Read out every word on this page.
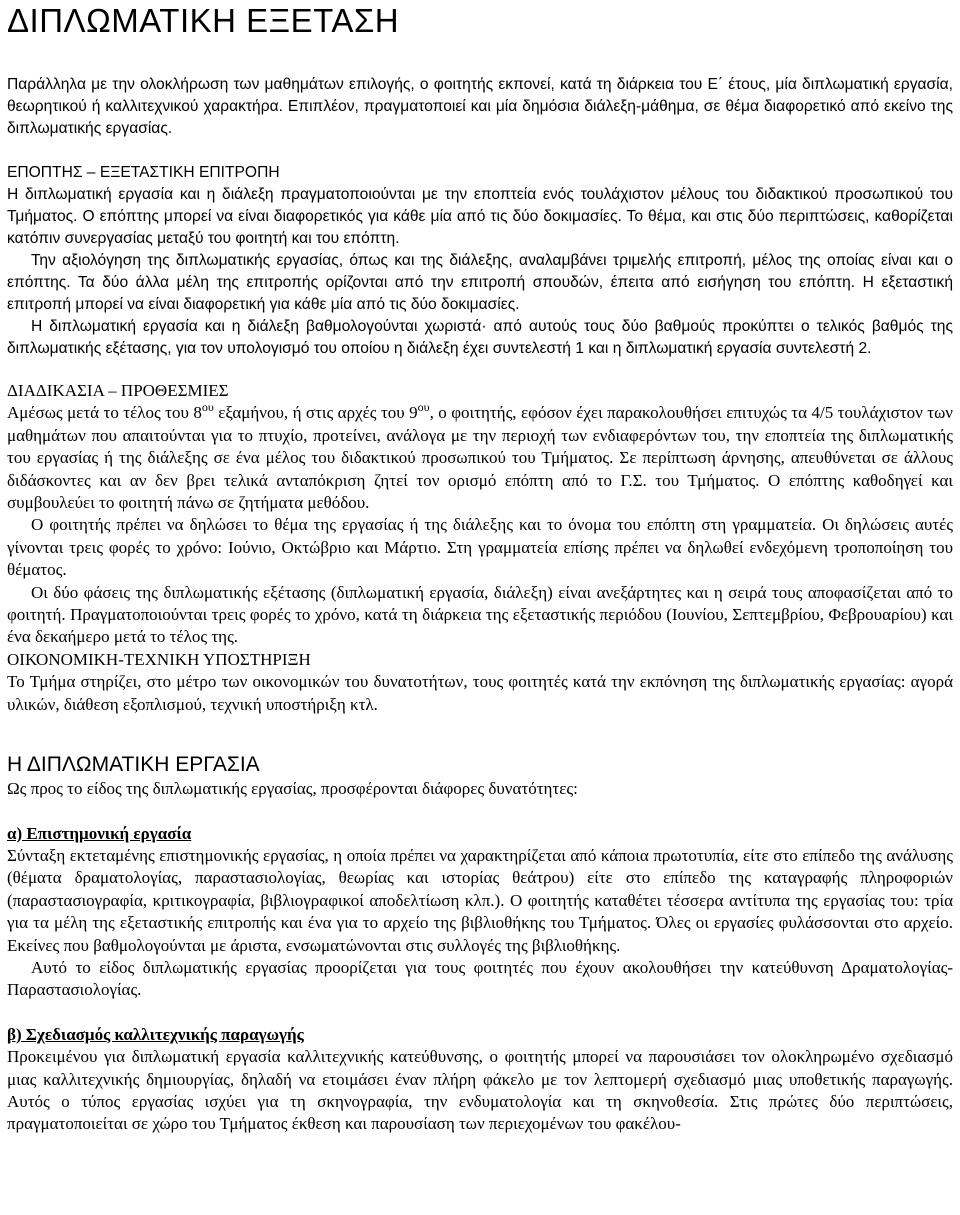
ΔΙΠΛΩΜΑΤΙΚΗ ΕΞΕΤΑΣΗ

Παράλληλα με την ολοκλήρωση των μαθημάτων επιλογής, ο φοιτητής εκπονεί, κατά τη διάρκεια του Ε΄ έτους, μία διπλωματική εργασία, θεωρητικού ή καλλιτεχνικού χαρακτήρα. Επιπλέον, πραγματοποιεί και μία δημόσια διάλεξη-μάθημα, σε θέμα διαφορετικό από εκείνο της διπλωματικής εργασίας.

ΕΠΟΠΤΗΣ – ΕΞΕΤΑΣΤΙΚΗ ΕΠΙΤΡΟΠΗ

Η διπλωματική εργασία και η διάλεξη πραγματοποιούνται με την εποπτεία ενός τουλάχιστον μέλους του διδακτικού προσωπικού του Τμήματος. Ο επόπτης μπορεί να είναι διαφορετικός για κάθε μία από τις δύο δοκιμασίες. Το θέμα, και στις δύο περιπτώσεις, καθορίζεται κατόπιν συνεργασίας μεταξύ του φοιτητή και του επόπτη.

Την αξιολόγηση της διπλωματικής εργασίας, όπως και της διάλεξης, αναλαμβάνει τριμελής επιτροπή, μέλος της οποίας είναι και ο επόπτης. Τα δύο άλλα μέλη της επιτροπής ορίζονται από την επιτροπή σπουδών, έπειτα από εισήγηση του επόπτη. Η εξεταστική επιτροπή μπορεί να είναι διαφορετική για κάθε μία από τις δύο δοκιμασίες.

Η διπλωματική εργασία και η διάλεξη βαθμολογούνται χωριστά· από αυτούς τους δύο βαθμούς προκύπτει ο τελικός βαθμός της διπλωματικής εξέτασης, για τον υπολογισμό του οποίου η διάλεξη έχει συντελεστή 1 και η διπλωματική εργασία συντελεστή 2.

ΔΙΑΔΙΚΑΣΙΑ – ΠΡΟΘΕΣΜΙΕΣ

Αμέσως μετά το τέλος του $8^{o\upsilon}$ εξαμήνου, ή στις αρχές του $9^{o\upsilon}$, ο φοιτητής, εφόσον έχει παρακολουθήσει επιτυχώς τα 4/5 τουλάχιστον των μαθημάτων που απαιτούνται για το πτυχίο, προτείνει, ανάλογα με την περιοχή των ενδιαφερόντων του, την εποπτεία της διπλωματικής του εργασίας ή της διάλεξης σε ένα μέλος του διδακτικού προσωπικού του Τμήματος. Σε περίπτωση άρνησης, απευθύνεται σε άλλους διδάσκοντες και αν δεν βρει τελικά ανταπόκριση ζητεί τον ορισμό επόπτη από το Γ.Σ. του Τμήματος. Ο επόπτης καθοδηγεί και συμβουλεύει το φοιτητή πάνω σε ζητήματα μεθόδου.

Ο φοιτητής πρέπει να δηλώσει το θέμα της εργασίας ή της διάλεξης και το όνομα του επόπτη στη γραμματεία. Οι δηλώσεις αυτές γίνονται τρεις φορές το χρόνο: Ιούνιο, Οκτώβριο και Μάρτιο. Στη γραμματεία επίσης πρέπει να δηλωθεί ενδεχόμενη τροποποίηση του θέματος.

Οι δύο φάσεις της διπλωματικής εξέτασης (διπλωματική εργασία, διάλεξη) είναι ανεξάρτητες και η σειρά τους αποφασίζεται από το φοιτητή. Πραγματοποιούνται τρεις φορές το χρόνο, κατά τη διάρκεια της εξεταστικής περιόδου (Ιουνίου, Σεπτεμβρίου, Φεβρουαρίου) και ένα δεκαήμερο μετά το τέλος της.

ΟΙΚΟΝΟΜΙΚΗ-ΤΕΧΝΙΚΗ ΥΠΟΣΤΗΡΙΞΗ

Το Τμήμα στηρίζει, στο μέτρο των οικονομικών του δυνατοτήτων, τους φοιτητές κατά την εκπόνηση της διπλωματικής εργασίας: αγορά υλικών, διάθεση εξοπλισμού, τεχνική υποστήριξη κτλ.

Η ΔΙΠΛΩΜΑΤΙΚΗ ΕΡΓΑΣΙΑ

Ως προς το είδος της διπλωματικής εργασίας, προσφέρονται διάφορες δυνατότητες:

α) Επιστημονική εργασία

Σύνταξη εκτεταμένης επιστημονικής εργασίας, η οποία πρέπει να χαρακτηρίζεται από κάποια πρωτοτυπία, είτε στο επίπεδο της ανάλυσης (θέματα δραματολογίας, παραστασιολογίας, θεωρίας και ιστορίας θεάτρου) είτε στο επίπεδο της καταγραφής πληροφοριών (παραστασιογραφία, κριτικογραφία, βιβλιογραφικοί αποδελτίωση κλπ.). Ο φοιτητής καταθέτει τέσσερα αντίτυπα της εργασίας του: τρία για τα μέλη της εξεταστικής επιτροπής και ένα για το αρχείο της βιβλιοθήκης του Τμήματος. Όλες οι εργασίες φυλάσσονται στο αρχείο. Εκείνες που βαθμολογούνται με άριστα, ενσωματώνονται στις συλλογές της βιβλιοθήκης.

Αυτό το είδος διπλωματικής εργασίας προορίζεται για τους φοιτητές που έχουν ακολουθήσει την κατεύθυνση Δραματολογίας-Παραστασιολογίας.

β) Σχεδιασμός καλλιτεχνικής παραγωγής

Προκειμένου για διπλωματική εργασία καλλιτεχνικής κατεύθυνσης, ο φοιτητής μπορεί να παρουσιάσει τον ολοκληρωμένο σχεδιασμό μιας καλλιτεχνικής δημιουργίας, δηλαδή να ετοιμάσει έναν πλήρη φάκελο με τον λεπτομερή σχεδιασμό μιας υποθετικής παραγωγής. Αυτός ο τύπος εργασίας ισχύει για τη σκηνογραφία, την ενδυματολογία και τη σκηνοθεσία. Στις πρώτες δύο περιπτώσεις, πραγματοποιείται σε χώρο του Τμήματος έκθεση και παρουσίαση των περιεχομένων του φακέλου-
